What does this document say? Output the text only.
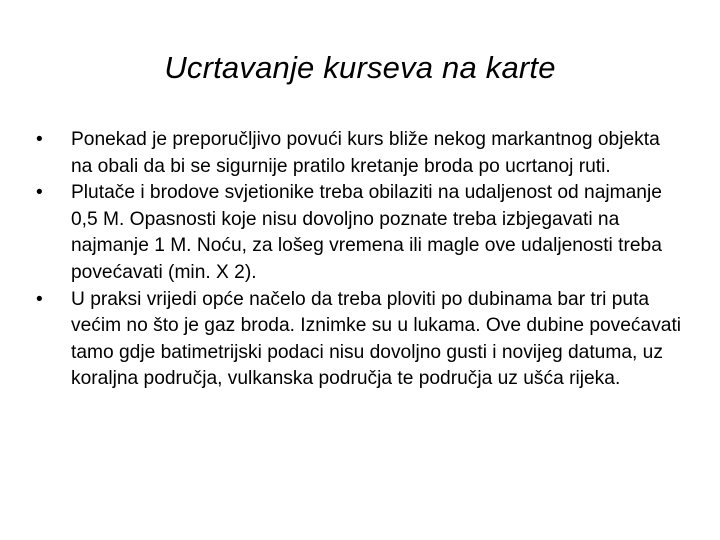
Ucrtavanje kurseva na karte
•	Ponekad je preporučljivo povući kurs bliže nekog markantnog objekta na obali da bi se sigurnije pratilo kretanje broda po ucrtanoj ruti.
•	Plutače i brodove svjetionike treba obilaziti na udaljenost od najmanje 0,5 M. Opasnosti koje nisu dovoljno poznate treba izbjegavati na najmanje 1 M. Noću, za lošeg vremena ili magle ove udaljenosti treba povećavati (min. X 2).
•	U praksi vrijedi opće načelo da treba ploviti po dubinama bar tri puta većim no što je gaz broda. Iznimke su u lukama. Ove dubine povećavati tamo gdje batimetrijski podaci nisu dovoljno gusti i novijeg datuma, uz koraljna područja, vulkanska područja te područja uz ušća rijeka.
